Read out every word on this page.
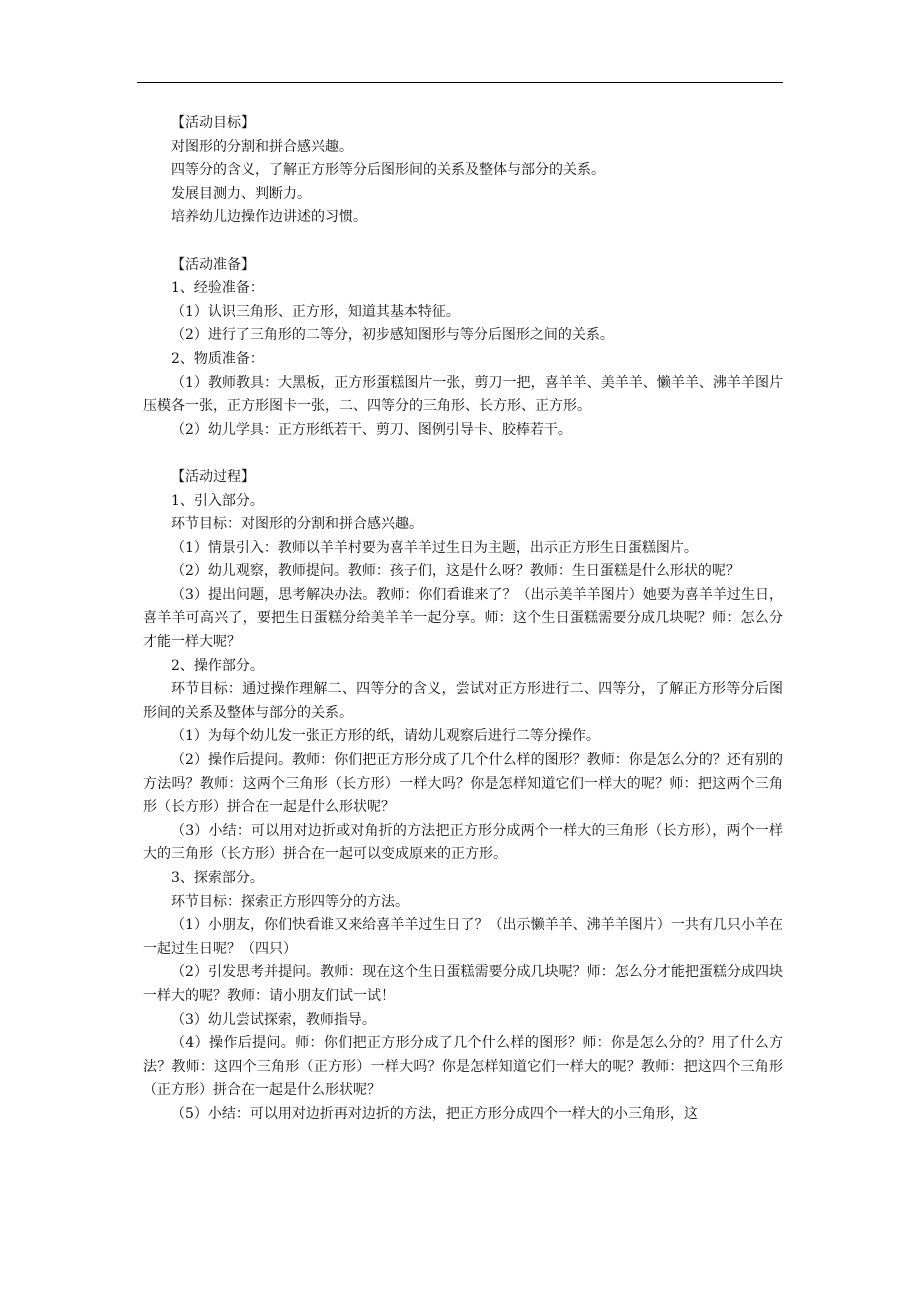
【活动目标】

对图形的分割和拼合感兴趣。

四等分的含义，了解正方形等分后图形间的关系及整体与部分的关系。

发展目测力、判断力。

培养幼儿边操作边讲述的习惯。

【活动准备】

1、经验准备：

（1）认识三角形、正方形，知道其基本特征。

（2）进行了三角形的二等分，初步感知图形与等分后图形之间的关系。

2、物质准备：

（1）教师教具：大黑板，正方形蛋糕图片一张，剪刀一把，喜羊羊、美羊羊、懒羊羊、沸羊羊图片压模各一张，正方形图卡一张，二、四等分的三角形、长方形、正方形。

（2）幼儿学具：正方形纸若干、剪刀、图例引导卡、胶棒若干。

【活动过程】

1、引入部分。

环节目标：对图形的分割和拼合感兴趣。

（1）情景引入：教师以羊羊村要为喜羊羊过生日为主题，出示正方形生日蛋糕图片。

（2）幼儿观察，教师提问。教师：孩子们，这是什么呀？教师：生日蛋糕是什么形状的呢？

（3）提出问题，思考解决办法。教师：你们看谁来了？（出示美羊羊图片）她要为喜羊羊过生日，喜羊羊可高兴了，要把生日蛋糕分给美羊羊一起分享。师：这个生日蛋糕需要分成几块呢？师：怎么分才能一样大呢？

2、操作部分。

环节目标：通过操作理解二、四等分的含义，尝试对正方形进行二、四等分，了解正方形等分后图形间的关系及整体与部分的关系。

（1）为每个幼儿发一张正方形的纸，请幼儿观察后进行二等分操作。

（2）操作后提问。教师：你们把正方形分成了几个什么样的图形？教师：你是怎么分的？还有别的方法吗？教师：这两个三角形（长方形）一样大吗？你是怎样知道它们一样大的呢？师：把这两个三角形（长方形）拼合在一起是什么形状呢？

（3）小结：可以用对边折或对角折的方法把正方形分成两个一样大的三角形（长方形），两个一样大的三角形（长方形）拼合在一起可以变成原来的正方形。

3、探索部分。

环节目标：探索正方形四等分的方法。

（1）小朋友，你们快看谁又来给喜羊羊过生日了？（出示懒羊羊、沸羊羊图片）一共有几只小羊在一起过生日呢？（四只）

（2）引发思考并提问。教师：现在这个生日蛋糕需要分成几块呢？师：怎么分才能把蛋糕分成四块一样大的呢？教师：请小朋友们试一试！

（3）幼儿尝试探索，教师指导。

（4）操作后提问。师：你们把正方形分成了几个什么样的图形？师：你是怎么分的？用了什么方法？教师：这四个三角形（正方形）一样大吗？你是怎样知道它们一样大的呢？教师：把这四个三角形（正方形）拼合在一起是什么形状呢？

（5）小结：可以用对边折再对边折的方法，把正方形分成四个一样大的小三角形，这
